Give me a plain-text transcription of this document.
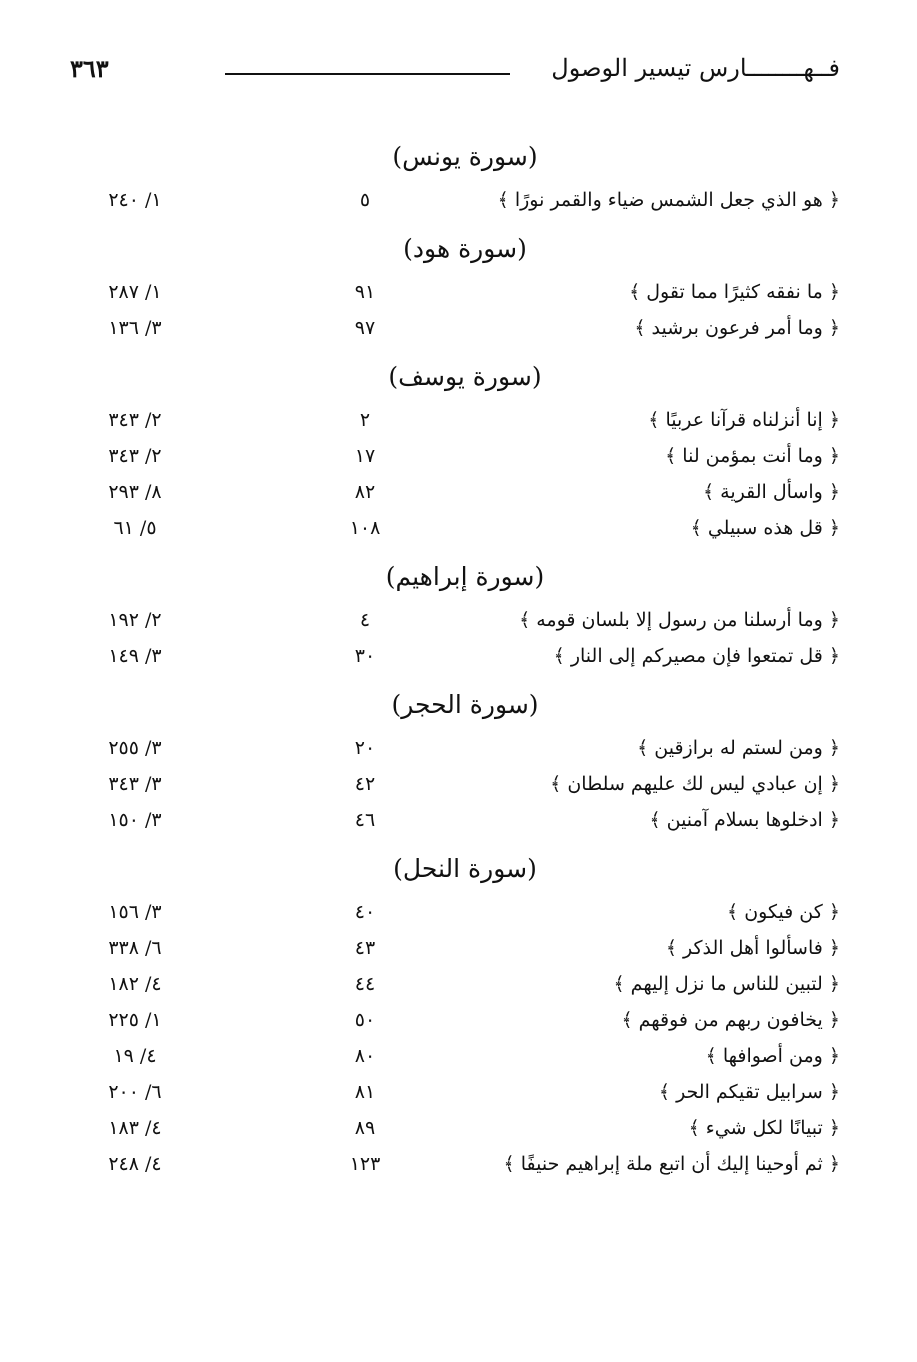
فــهــــــــارس تيسير الوصول
٣٦٣
(سورة يونس)
﴿ هو الذي جعل الشمس ضياء والقمر نورًا ﴾
٥
١/ ٢٤٠
(سورة هود)
﴿ ما نفقه كثيرًا مما تقول ﴾
٩١
١/ ٢٨٧
﴿ وما أمر فرعون برشيد ﴾
٩٧
٣/ ١٣٦
(سورة يوسف)
﴿ إنا أنزلناه قرآنا عربيًا ﴾
٢
٢/ ٣٤٣
﴿ وما أنت بمؤمن لنا ﴾
١٧
٢/ ٣٤٣
﴿ واسأل القرية ﴾
٨٢
٨/ ٢٩٣
﴿ قل هذه سبيلي ﴾
١٠٨
٥/ ٦١
(سورة إبراهيم)
﴿ وما أرسلنا من رسول إلا بلسان قومه ﴾
٤
٢/ ١٩٢
﴿ قل تمتعوا فإن مصيركم إلى النار ﴾
٣٠
٣/ ١٤٩
(سورة الحجر)
﴿ ومن لستم له برازقين ﴾
٢٠
٣/ ٢٥٥
﴿ إن عبادي ليس لك عليهم سلطان ﴾
٤٢
٣/ ٣٤٣
﴿ ادخلوها بسلام آمنين ﴾
٤٦
٣/ ١٥٠
(سورة النحل)
﴿ كن فيكون ﴾
٤٠
٣/ ١٥٦
﴿ فاسألوا أهل الذكر ﴾
٤٣
٦/ ٣٣٨
﴿ لتبين للناس ما نزل إليهم ﴾
٤٤
٤/ ١٨٢
﴿ يخافون ربهم من فوقهم ﴾
٥٠
١/ ٢٢٥
﴿ ومن أصوافها ﴾
٨٠
٤/ ١٩
﴿ سرابيل تقيكم الحر ﴾
٨١
٦/ ٢٠٠
﴿ تبيانًا لكل شيء ﴾
٨٩
٤/ ١٨٣
﴿ ثم أوحينا إليك أن اتبع ملة إبراهيم حنيفًا ﴾
١٢٣
٤/ ٢٤٨
